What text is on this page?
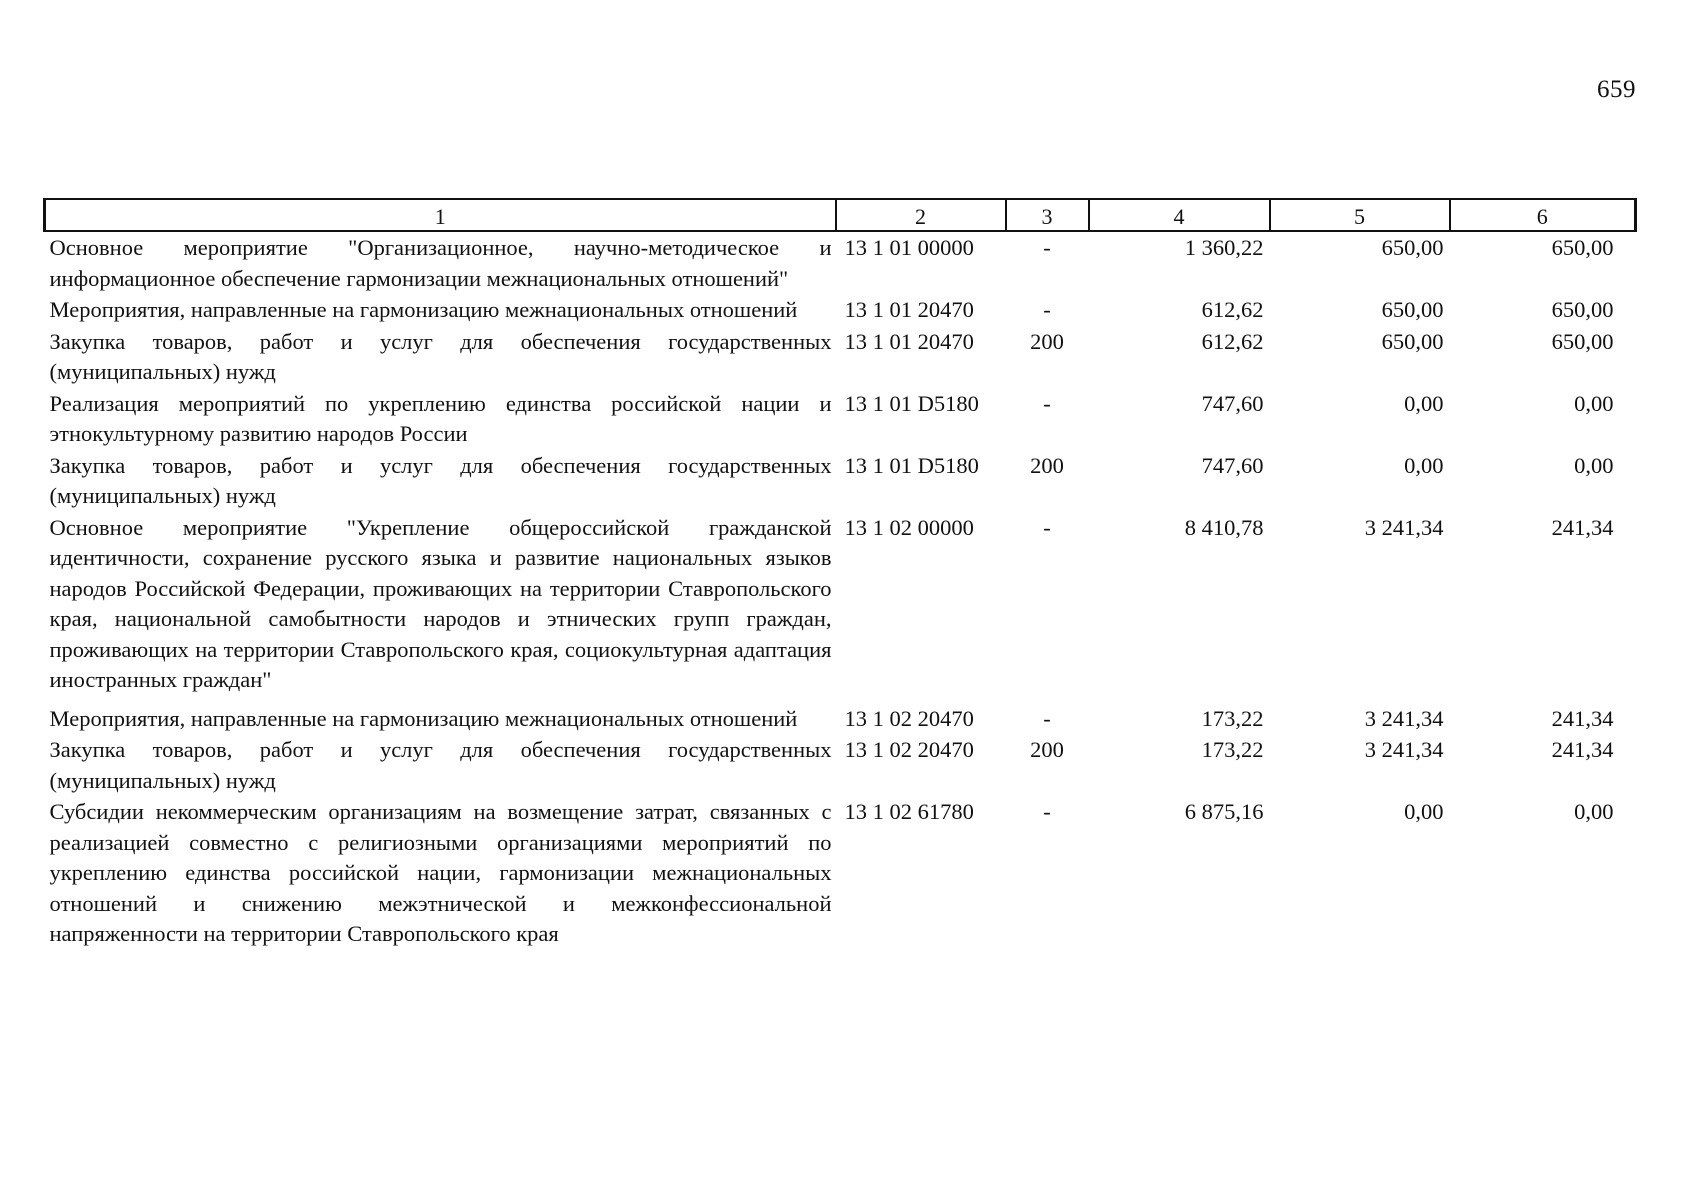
659
1	2	3	4	5	6
Основное мероприятие "Организационное, научно-методическое и информационное обеспечение гармонизации межнациональных отношений"	13 1 01 00000	-	1 360,22	650,00	650,00
Мероприятия, направленные на гармонизацию межнациональных отношений	13 1 01 20470	-	612,62	650,00	650,00
Закупка товаров, работ и услуг для обеспечения государственных (муниципальных) нужд	13 1 01 20470	200	612,62	650,00	650,00
Реализация мероприятий по укреплению единства российской нации и этнокультурному развитию народов России	13 1 01 D5180	-	747,60	0,00	0,00
Закупка товаров, работ и услуг для обеспечения государственных (муниципальных) нужд	13 1 01 D5180	200	747,60	0,00	0,00
Основное мероприятие "Укрепление общероссийской гражданской идентичности, сохранение русского языка и развитие национальных языков народов Российской Федерации, проживающих на территории Ставропольского края, национальной самобытности народов и этнических групп граждан, проживающих на территории Ставропольского края, социокультурная адаптация иностранных граждан"	13 1 02 00000	-	8 410,78	3 241,34	241,34
Мероприятия, направленные на гармонизацию межнациональных отношений	13 1 02 20470	-	173,22	3 241,34	241,34
Закупка товаров, работ и услуг для обеспечения государственных (муниципальных) нужд	13 1 02 20470	200	173,22	3 241,34	241,34
Субсидии некоммерческим организациям на возмещение затрат, связанных с реализацией совместно с религиозными организациями мероприятий по укреплению единства российской нации, гармонизации межнациональных отношений и снижению межэтнической и межконфессиональной напряженности на территории Ставропольского края	13 1 02 61780	-	6 875,16	0,00	0,00
